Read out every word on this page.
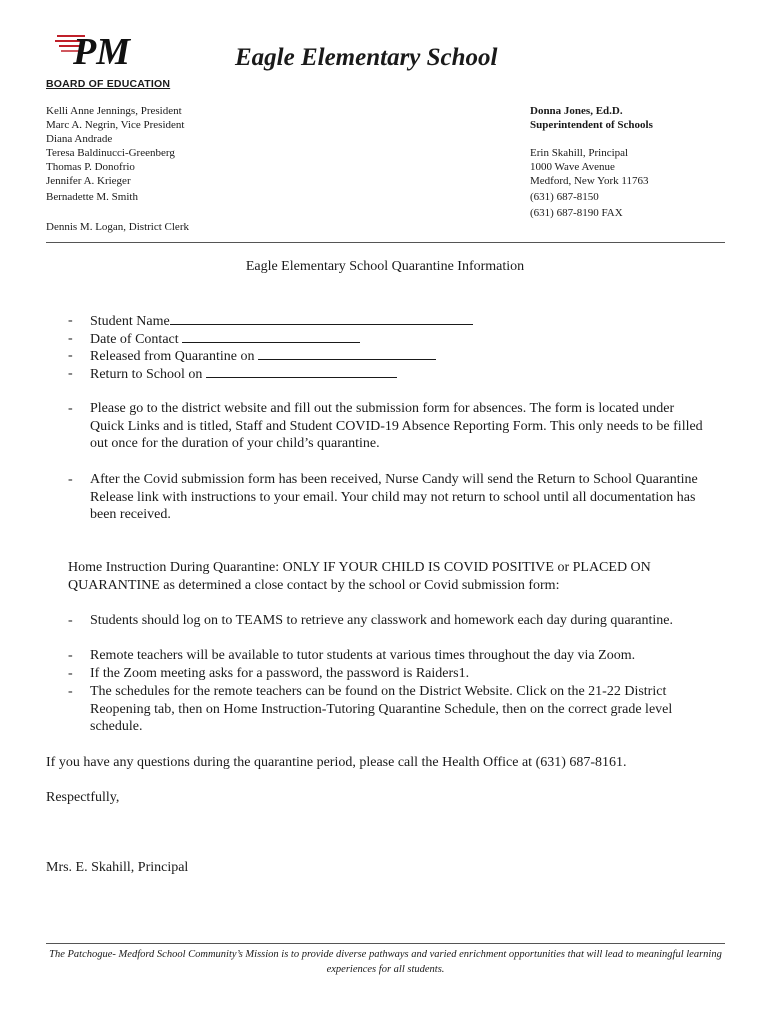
PM	Eagle Elementary School
BOARD OF EDUCATION
Kelli Anne Jennings, President
Marc A. Negrin, Vice President
Diana Andrade
Teresa Baldinucci-Greenberg
Thomas P. Donofrio
Jennifer A. Krieger
Bernadette M. Smith
Dennis M. Logan, District Clerk
Donna Jones, Ed.D.
Superintendent of Schools
Erin Skahill, Principal
1000 Wave Avenue
Medford, New York 11763
(631) 687-8150
(631) 687-8190 FAX
Eagle Elementary School Quarantine Information
- Student Name
- Date of Contact
- Released from Quarantine on
- Return to School on
- Please go to the district website and fill out the submission form for absences. The form is located under Quick Links and is titled, Staff and Student COVID-19 Absence Reporting Form. This only needs to be filled out once for the duration of your child’s quarantine.
- After the Covid submission form has been received, Nurse Candy will send the Return to School Quarantine Release link with instructions to your email. Your child may not return to school until all documentation has been received.
Home Instruction During Quarantine: ONLY IF YOUR CHILD IS COVID POSITIVE or PLACED ON QUARANTINE as determined a close contact by the school or Covid submission form:
- Students should log on to TEAMS to retrieve any classwork and homework each day during quarantine.
- Remote teachers will be available to tutor students at various times throughout the day via Zoom.
- If the Zoom meeting asks for a password, the password is Raiders1.
- The schedules for the remote teachers can be found on the District Website. Click on the 21-22 District Reopening tab, then on Home Instruction-Tutoring Quarantine Schedule, then on the correct grade level schedule.
If you have any questions during the quarantine period, please call the Health Office at (631) 687-8161.
Respectfully,
Mrs. E. Skahill, Principal
The Patchogue- Medford School Community’s Mission is to provide diverse pathways and varied enrichment opportunities that will lead to meaningful learning experiences for all students.
